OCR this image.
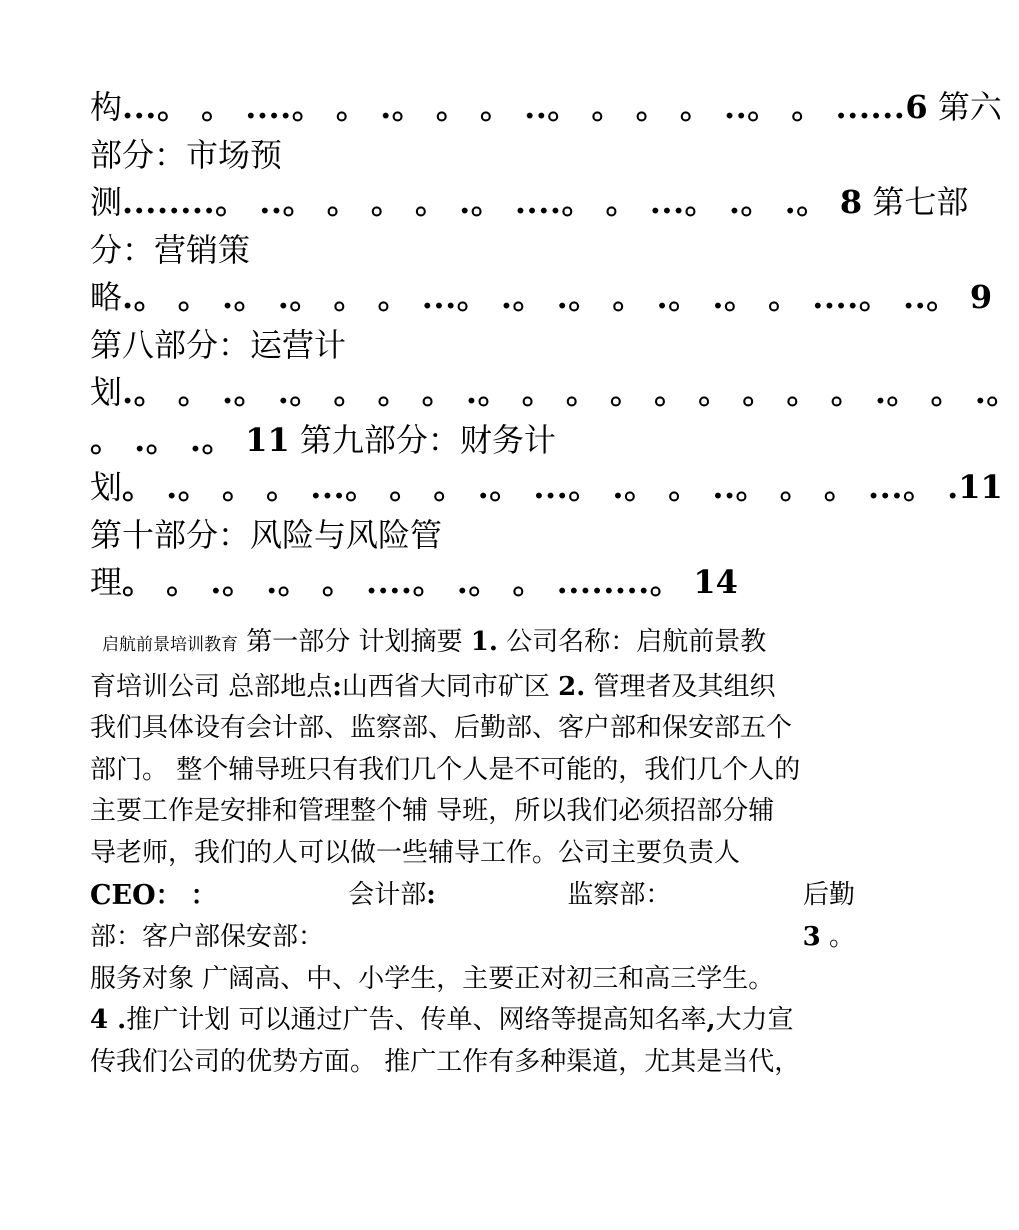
构...。 。 ....。 。 .。 。 。 ..。 。 。 。 ..。 。 ......6 第六
部分：市场预
测........。 ..。 。 。 。 .。 ....。 。 ...。 .。 .。 8 第七部
分：营销策
略.。 。 .。 .。 。 。 ...。 .。 .。 。 .。 .。 。 ....。 ..。 9
第八部分：运营计
划.。 。 .。 .。 。 。 。 .。 。 。 。 。 。 。 。 。 .。 。 .。
。 .。 .。 11 第九部分：财务计
划。 .。 。 。 ...。 。 。 .。 ...。 .。 。 ..。 。 。 ...。 .11
第十部分：风险与风险管
理。 。 .。 .。 。 ....。 .。 。 ........。 14
启航前景培训教育 第一部分 计划摘要 1. 公司名称：启航前景教
育培训公司 总部地点:山西省大同市矿区 2. 管理者及其组织
我们具体设有会计部、监察部、后勤部、客户部和保安部五个
部门。 整个辅导班只有我们几个人是不可能的，我们几个人的
主要工作是安排和管理整个辅 导班，所以我们必须招部分辅
导老师，我们的人可以做一些辅导工作。公司主要负责人
CEO： ：	会计部:	监察部：	后勤
部： 客户部 保安部：	3 。
服务对象 广阔高、中、小学生，主要正对初三和高三学生。
4 .推广计划 可以通过广告、传单、网络等提高知名率,大力宣
传我们公司的优势方面。 推广工作有多种渠道，尤其是当代，
